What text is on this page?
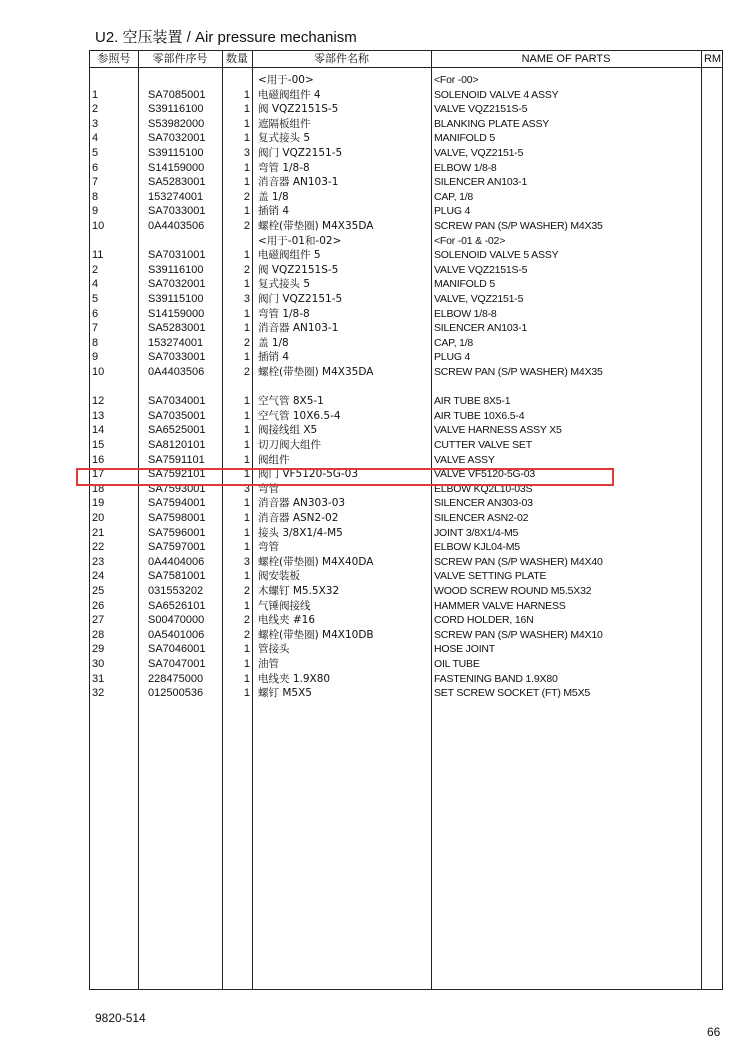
U2. 空压装置 / Air pressure mechanism
参照号	零部件序号	数量	零部件名称	NAME OF PARTS	RM
<用于-00>	<For -00>
1	SA7085001	1 电磁阀组件 4	SOLENOID VALVE 4 ASSY
2	S39116100	1 阀 VQZ2151S-5	VALVE VQZ2151S-5
3	S53982000	1 遮隔板组件	BLANKING PLATE ASSY
4	SA7032001	1 复式接头 5	MANIFOLD 5
5	S39115100	3 阀门 VQZ2151-5	VALVE, VQZ2151-5
6	S14159000	1 弯管 1/8-8	ELBOW 1/8-8
7	SA5283001	1 消音器 AN103-1	SILENCER AN103-1
8	153274001	2 盖 1/8	CAP, 1/8
9	SA7033001	1 插销 4	PLUG 4
10	0A4403506	2 螺栓(带垫圈) M4X35DA	SCREW PAN (S/P WASHER) M4X35
<用于-01和-02>	<For -01 & -02>
11	SA7031001	1 电磁阀组件 5	SOLENOID VALVE 5 ASSY
2	S39116100	2 阀 VQZ2151S-5	VALVE VQZ2151S-5
4	SA7032001	1 复式接头 5	MANIFOLD 5
5	S39115100	3 阀门 VQZ2151-5	VALVE, VQZ2151-5
6	S14159000	1 弯管 1/8-8	ELBOW 1/8-8
7	SA5283001	1 消音器 AN103-1	SILENCER AN103-1
8	153274001	2 盖 1/8	CAP, 1/8
9	SA7033001	1 插销 4	PLUG 4
10	0A4403506	2 螺栓(带垫圈) M4X35DA	SCREW PAN (S/P WASHER) M4X35
12	SA7034001	1 空气管 8X5-1	AIR TUBE 8X5-1
13	SA7035001	1 空气管 10X6.5-4	AIR TUBE 10X6.5-4
14	SA6525001	1 阀接线组 X5	VALVE HARNESS ASSY X5
15	SA8120101	1 切刀阀大组件	CUTTER VALVE SET
16	SA7591101	1 阀组件	VALVE ASSY
17	SA7592101	1 阀门 VF5120-5G-03	VALVE VF5120-5G-03
18	SA7593001	3 弯管	ELBOW KQ2L10-03S
19	SA7594001	1 消音器 AN303-03	SILENCER AN303-03
20	SA7598001	1 消音器 ASN2-02	SILENCER ASN2-02
21	SA7596001	1 接头 3/8X1/4-M5	JOINT 3/8X1/4-M5
22	SA7597001	1 弯管	ELBOW KJL04-M5
23	0A4404006	3 螺栓(带垫圈) M4X40DA	SCREW PAN (S/P WASHER) M4X40
24	SA7581001	1 阀安装板	VALVE SETTING PLATE
25	031553202	2 木螺钉 M5.5X32	WOOD SCREW ROUND M5.5X32
26	SA6526101	1 气锤阀接线	HAMMER VALVE HARNESS
27	S00470000	2 电线夹 #16	CORD HOLDER, 16N
28	0A5401006	2 螺栓(带垫圈) M4X10DB	SCREW PAN (S/P WASHER) M4X10
29	SA7046001	1 管接头	HOSE JOINT
30	SA7047001	1 油管	OIL TUBE
31	228475000	1 电线夹 1.9X80	FASTENING BAND 1.9X80
32	012500536	1 螺钉 M5X5	SET SCREW SOCKET (FT) M5X5
9820-514
66
